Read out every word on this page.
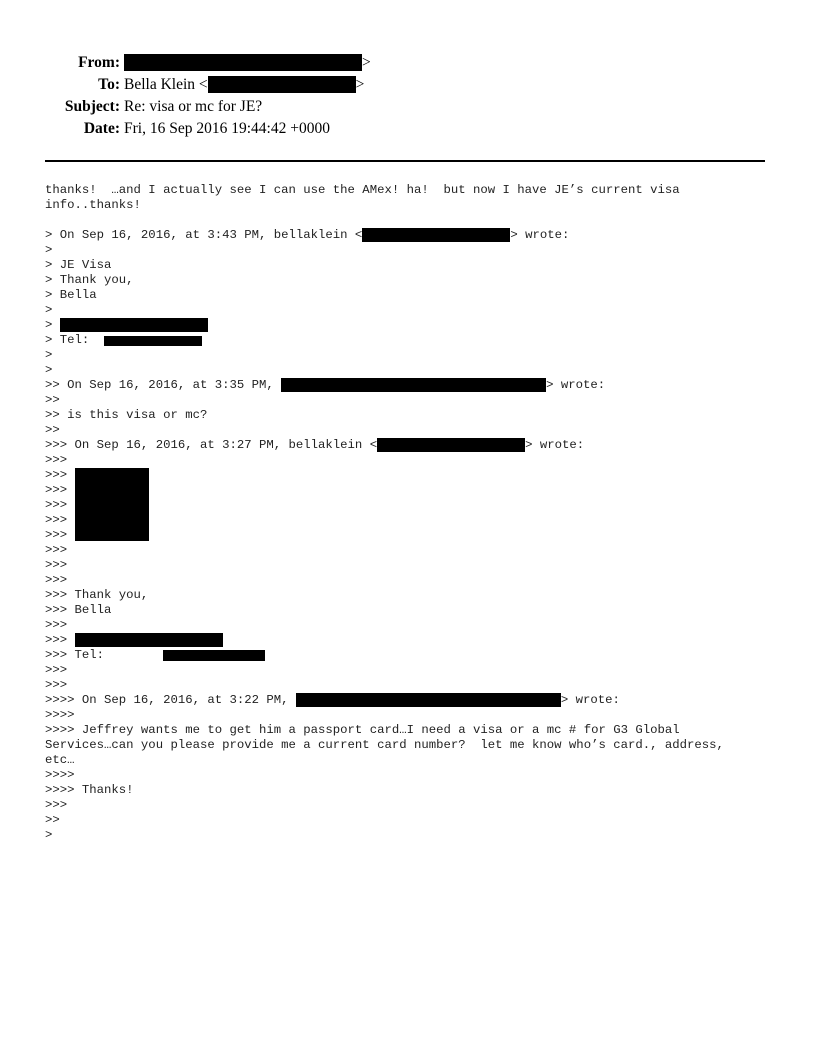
From:	>
To: Bella Klein <	>
Subject: Re: visa or mc for JE?
Date: Fri, 16 Sep 2016 19:44:42 +0000
thanks!  …and I actually see I can use the AMex! ha!  but now I have JE’s current visa
info..thanks!
> On Sep 16, 2016, at 3:43 PM, bellaklein <	> wrote:
>
> JE Visa
> Thank you,
> Bella
>
>
> Tel:
>
>
>> On Sep 16, 2016, at 3:35 PM,	> wrote:
>>
>> is this visa or mc?
>>
>>> On Sep 16, 2016, at 3:27 PM, bellaklein <	> wrote:
>>>
>>>
>>>
>>>
>>>
>>>
>>>
>>>
>>>
>>> Thank you,
>>> Bella
>>>
>>>
>>> Tel:
>>>
>>>
>>>> On Sep 16, 2016, at 3:22 PM,	> wrote:
>>>>
>>>> Jeffrey wants me to get him a passport card…I need a visa or a mc # for G3 Global
Services…can you please provide me a current card number?  let me know who’s card., address,
etc…
>>>>
>>>> Thanks!
>>>
>>
>
